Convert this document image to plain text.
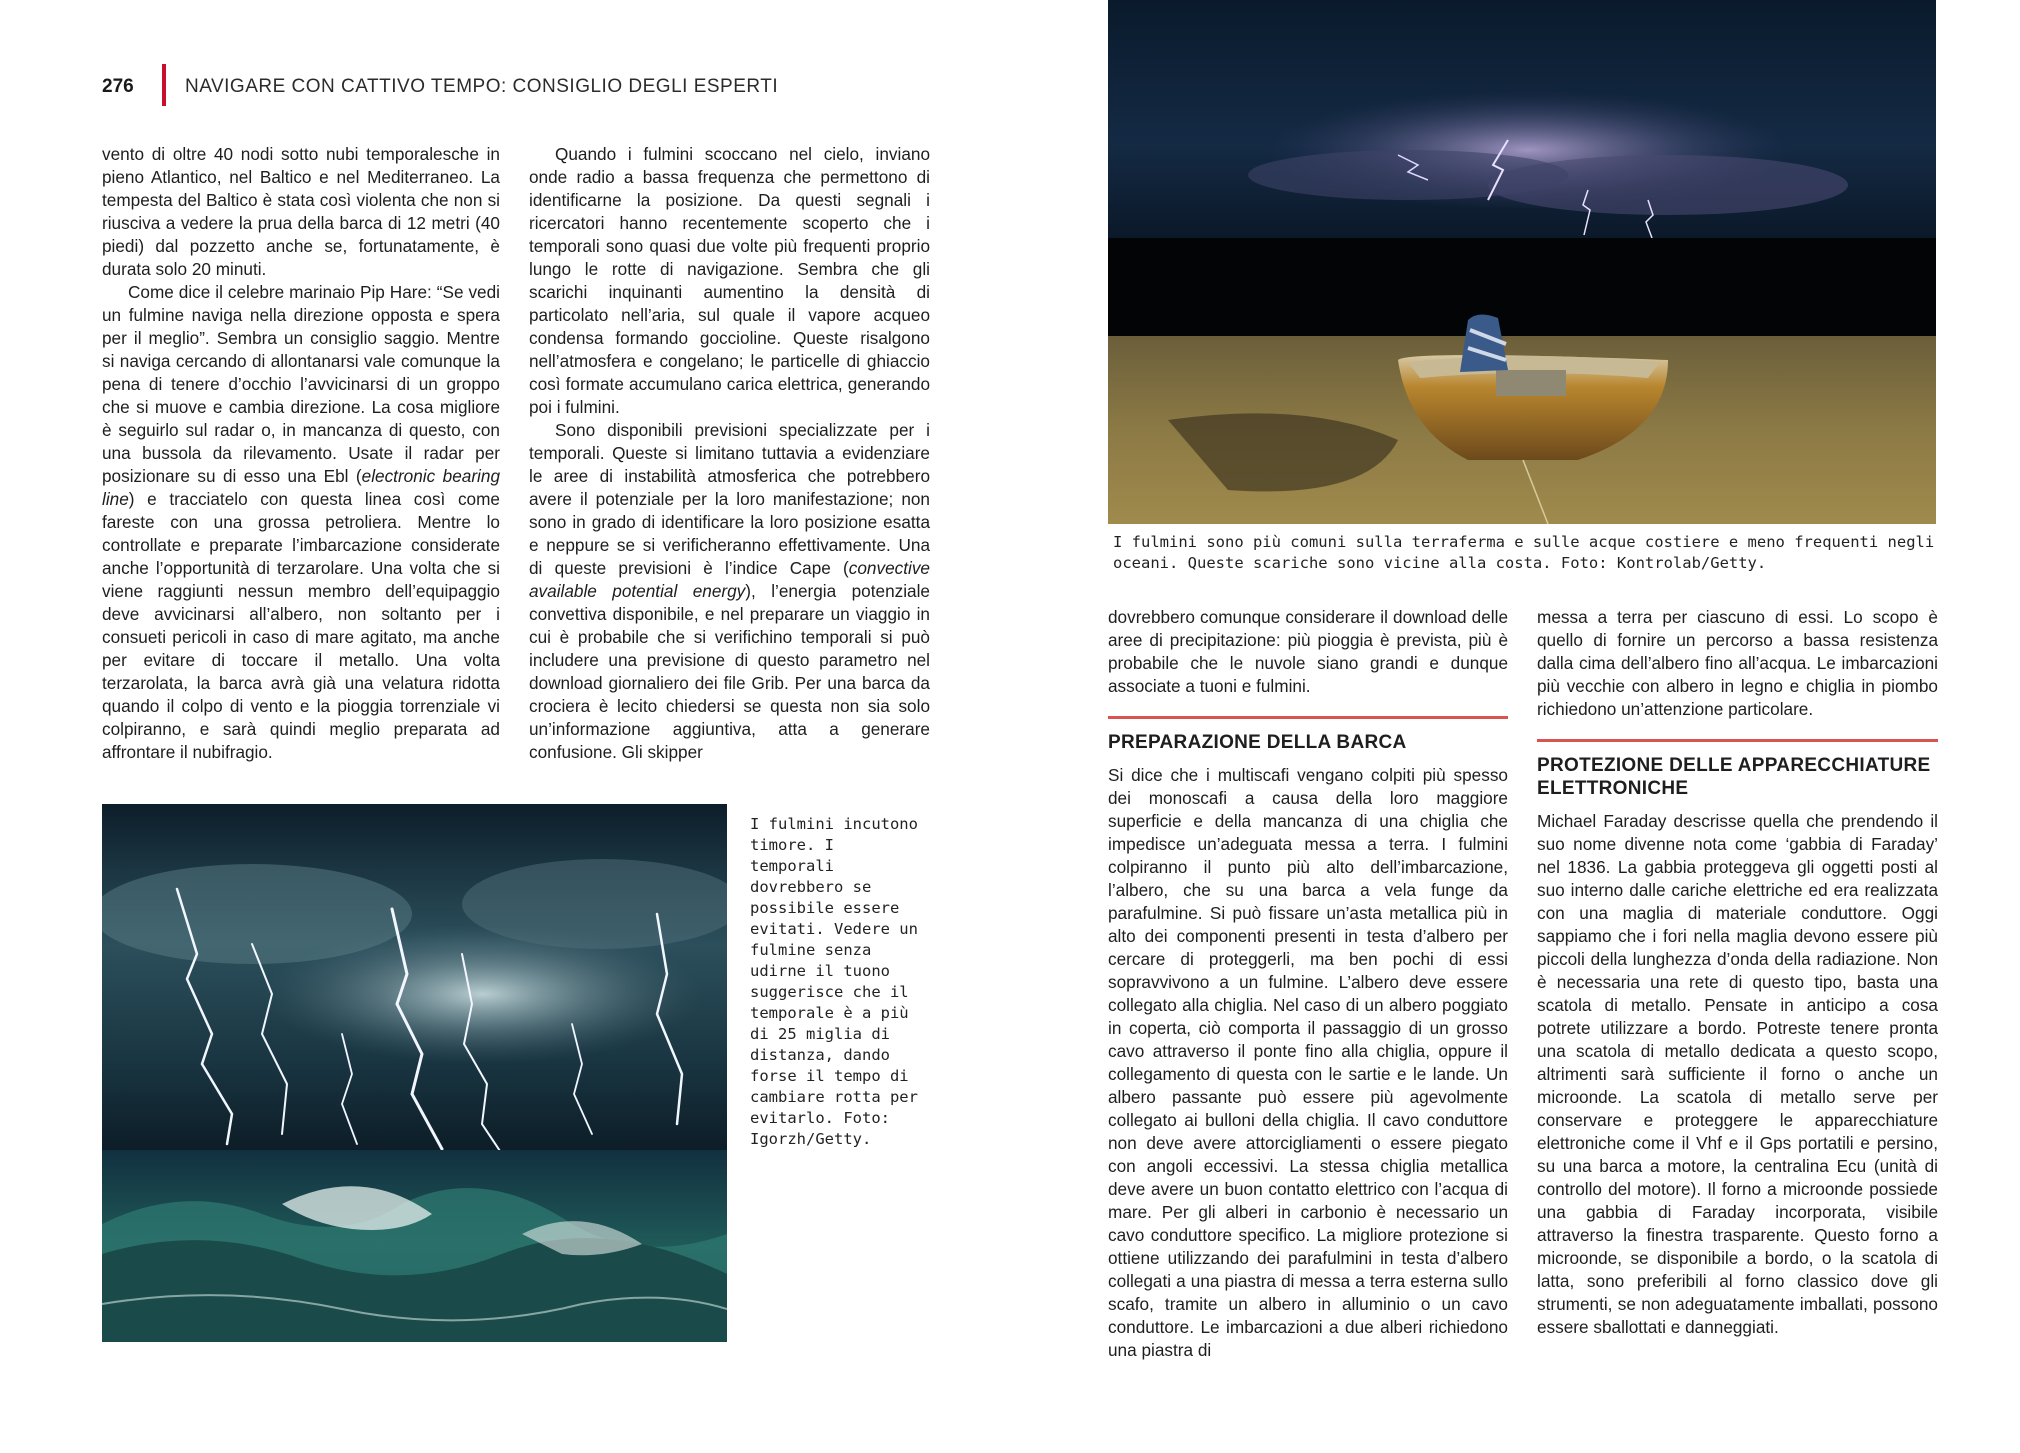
276	NAVIGARE CON CATTIVO TEMPO: CONSIGLIO DEGLI ESPERTI

vento di oltre 40 nodi sotto nubi temporalesche in pieno Atlantico, nel Baltico e nel Mediterraneo. La tempesta del Baltico è stata così violenta che non si riusciva a vedere la prua della barca di 12 metri (40 piedi) dal pozzetto anche se, fortunatamente, è durata solo 20 minuti.

Come dice il celebre marinaio Pip Hare: “Se vedi un fulmine naviga nella direzione opposta e spera per il meglio”. Sembra un consiglio saggio. Mentre si naviga cercando di allontanarsi vale comunque la pena di tenere d’occhio l’avvicinarsi di un groppo che si muove e cambia direzione. La cosa migliore è seguirlo sul radar o, in mancanza di questo, con una bussola da rilevamento. Usate il radar per posizionare su di esso una Ebl (electronic bearing line) e tracciatelo con questa linea così come fareste con una grossa petroliera. Mentre lo controllate e preparate l’imbarcazione considerate anche l’opportunità di terzarolare. Una volta che si viene raggiunti nessun membro dell’equipaggio deve avvicinarsi all’albero, non soltanto per i consueti pericoli in caso di mare agitato, ma anche per evitare di toccare il metallo. Una volta terzarolata, la barca avrà già una velatura ridotta quando il colpo di vento e la pioggia torrenziale vi colpiranno, e sarà quindi meglio preparata ad affrontare il nubifragio.

Quando i fulmini scoccano nel cielo, inviano onde radio a bassa frequenza che permettono di identificarne la posizione. Da questi segnali i ricercatori hanno recentemente scoperto che i temporali sono quasi due volte più frequenti proprio lungo le rotte di navigazione. Sembra che gli scarichi inquinanti aumentino la densità di particolato nell’aria, sul quale il vapore acqueo condensa formando goccioline. Queste risalgono nell’atmosfera e congelano; le particelle di ghiaccio così formate accumulano carica elettrica, generando poi i fulmini.

Sono disponibili previsioni specializzate per i temporali. Queste si limitano tuttavia a evidenziare le aree di instabilità atmosferica che potrebbero avere il potenziale per la loro manifestazione; non sono in grado di identificare la loro posizione esatta e neppure se si verificheranno effettivamente. Una di queste previsioni è l’indice Cape (convective available potential energy), l’energia potenziale convettiva disponibile, e nel preparare un viaggio in cui è probabile che si verifichino temporali si può includere una previsione di questo parametro nel download giornaliero dei file Grib. Per una barca da crociera è lecito chiedersi se questa non sia solo un’informazione aggiuntiva, atta a generare confusione. Gli skipper

I fulmini sono più comuni sulla terraferma e sulle acque costiere e meno frequenti negli oceani. Queste scariche sono vicine alla costa. Foto: Kontrolab/Getty.

dovrebbero comunque considerare il download delle aree di precipitazione: più pioggia è prevista, più è probabile che le nuvole siano grandi e dunque associate a tuoni e fulmini.

PREPARAZIONE DELLA BARCA

Si dice che i multiscafi vengano colpiti più spesso dei monoscafi a causa della loro maggiore superficie e della mancanza di una chiglia che impedisce un’adeguata messa a terra. I fulmini colpiranno il punto più alto dell’imbarcazione, l’albero, che su una barca a vela funge da parafulmine. Si può fissare un’asta metallica più in alto dei componenti presenti in testa d’albero per cercare di proteggerli, ma ben pochi di essi sopravvivono a un fulmine. L’albero deve essere collegato alla chiglia. Nel caso di un albero poggiato in coperta, ciò comporta il passaggio di un grosso cavo attraverso il ponte fino alla chiglia, oppure il collegamento di questa con le sartie e le lande. Un albero passante può essere più agevolmente collegato ai bulloni della chiglia. Il cavo conduttore non deve avere attorcigliamenti o essere piegato con angoli eccessivi. La stessa chiglia metallica deve avere un buon contatto elettrico con l’acqua di mare. Per gli alberi in carbonio è necessario un cavo conduttore specifico. La migliore protezione si ottiene utilizzando dei parafulmini in testa d’albero collegati a una piastra di messa a terra esterna sullo scafo, tramite un albero in alluminio o un cavo conduttore. Le imbarcazioni a due alberi richiedono una piastra di

messa a terra per ciascuno di essi. Lo scopo è quello di fornire un percorso a bassa resistenza dalla cima dell’albero fino all’acqua. Le imbarcazioni più vecchie con albero in legno e chiglia in piombo richiedono un’attenzione particolare.

PROTEZIONE DELLE APPARECCHIATURE ELETTRONICHE

Michael Faraday descrisse quella che prendendo il suo nome divenne nota come ‘gabbia di Faraday’ nel 1836. La gabbia proteggeva gli oggetti posti al suo interno dalle cariche elettriche ed era realizzata con una maglia di materiale conduttore. Oggi sappiamo che i fori nella maglia devono essere più piccoli della lunghezza d’onda della radiazione. Non è necessaria una rete di questo tipo, basta una scatola di metallo. Pensate in anticipo a cosa potrete utilizzare a bordo. Potreste tenere pronta una scatola di metallo dedicata a questo scopo, altrimenti sarà sufficiente il forno o anche un microonde. La scatola di metallo serve per conservare e proteggere le apparecchiature elettroniche come il Vhf e il Gps portatili e persino, su una barca a motore, la centralina Ecu (unità di controllo del motore). Il forno a microonde possiede una gabbia di Faraday incorporata, visibile attraverso la finestra trasparente. Questo forno a microonde, se disponibile a bordo, o la scatola di latta, sono preferibili al forno classico dove gli strumenti, se non adeguatamente imballati, possono essere sballottati e danneggiati.

I fulmini incutono timore. I temporali dovrebbero se possibile essere evitati. Vedere un fulmine senza udirne il tuono suggerisce che il temporale è a più di 25 miglia di distanza, dando forse il tempo di cambiare rotta per evitarlo. Foto: Igorzh/Getty.
